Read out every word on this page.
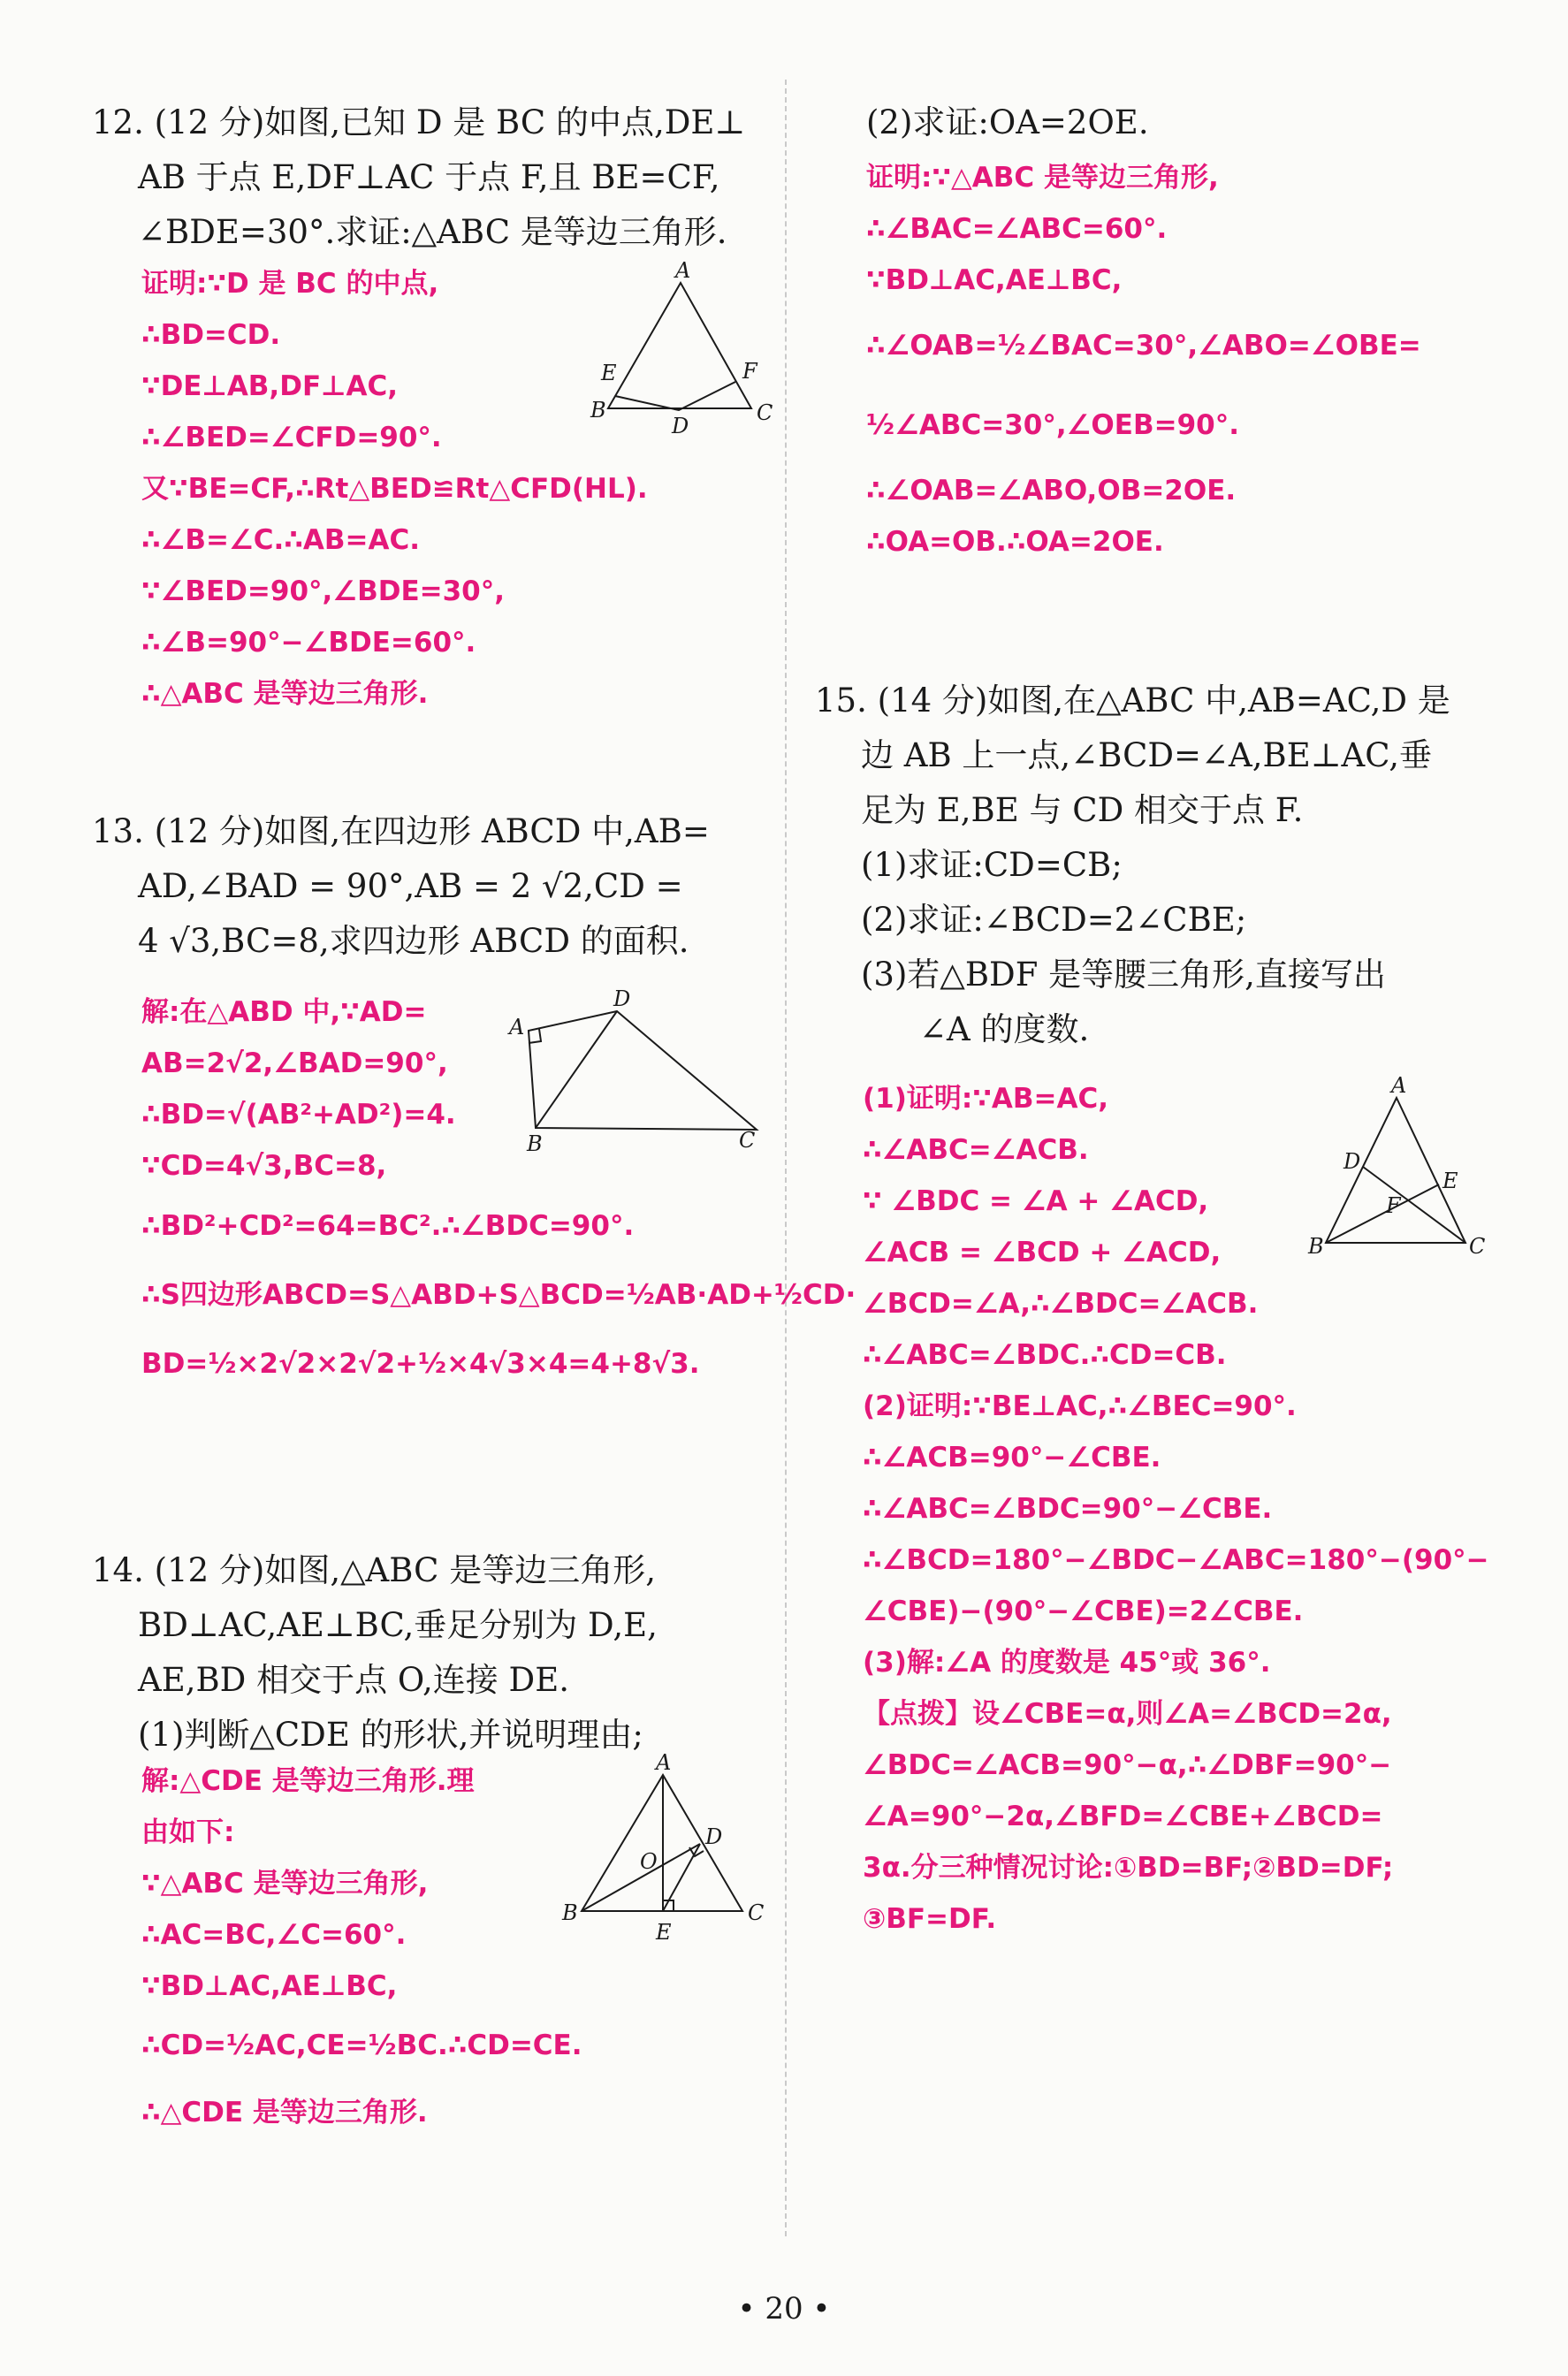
12. (12 分)如图,已知 D 是 BC 的中点,DE⊥
AB 于点 E,DF⊥AC 于点 F,且 BE=CF,
∠BDE=30°.求证:△ABC 是等边三角形.
证明:∵D 是 BC 的中点,
∴BD=CD.
∵DE⊥AB,DF⊥AC,
∴∠BED=∠CFD=90°.
又∵BE=CF,∴Rt△BED≌Rt△CFD(HL).
∴∠B=∠C.∴AB=AC.
∵∠BED=90°,∠BDE=30°,
∴∠B=90°−∠BDE=60°.
∴△ABC 是等边三角形.
A
B	C
D
E	F
13. (12 分)如图,在四边形 ABCD 中,AB=
AD,∠BAD = 90°,AB = 2 √2,CD =
4 √3,BC=8,求四边形 ABCD 的面积.
解:在△ABD 中,∵AD=
AB=2√2,∠BAD=90°,
∴BD=√(AB²+AD²)=4.
∵CD=4√3,BC=8,
∴BD²+CD²=64=BC².∴∠BDC=90°.
∴S四边形ABCD=S△ABD+S△BCD=½AB·AD+½CD·
BD=½×2√2×2√2+½×4√3×4=4+8√3.
A
D
B	C
14. (12 分)如图,△ABC 是等边三角形,
BD⊥AC,AE⊥BC,垂足分别为 D,E,
AE,BD 相交于点 O,连接 DE.
(1)判断△CDE 的形状,并说明理由;
解:△CDE 是等边三角形.理
由如下:
∵△ABC 是等边三角形,
∴AC=BC,∠C=60°.
∵BD⊥AC,AE⊥BC,
∴CD=½AC,CE=½BC.∴CD=CE.
∴△CDE 是等边三角形.
A
B	C
D
E
O
(2)求证:OA=2OE.
证明:∵△ABC 是等边三角形,
∴∠BAC=∠ABC=60°.
∵BD⊥AC,AE⊥BC,
∴∠OAB=½∠BAC=30°,∠ABO=∠OBE=
½∠ABC=30°,∠OEB=90°.
∴∠OAB=∠ABO,OB=2OE.
∴OA=OB.∴OA=2OE.
15. (14 分)如图,在△ABC 中,AB=AC,D 是
边 AB 上一点,∠BCD=∠A,BE⊥AC,垂
足为 E,BE 与 CD 相交于点 F.
(1)求证:CD=CB;
(2)求证:∠BCD=2∠CBE;
(3)若△BDF 是等腰三角形,直接写出
∠A 的度数.
(1)证明:∵AB=AC,
∴∠ABC=∠ACB.
∵ ∠BDC = ∠A + ∠ACD,
∠ACB = ∠BCD + ∠ACD,
∠BCD=∠A,∴∠BDC=∠ACB.
∴∠ABC=∠BDC.∴CD=CB.
(2)证明:∵BE⊥AC,∴∠BEC=90°.
∴∠ACB=90°−∠CBE.
∴∠ABC=∠BDC=90°−∠CBE.
∴∠BCD=180°−∠BDC−∠ABC=180°−(90°−
∠CBE)−(90°−∠CBE)=2∠CBE.
(3)解:∠A 的度数是 45°或 36°.
【点拨】设∠CBE=α,则∠A=∠BCD=2α,
∠BDC=∠ACB=90°−α,∴∠DBF=90°−
∠A=90°−2α,∠BFD=∠CBE+∠BCD=
3α.分三种情况讨论:①BD=BF;②BD=DF;
③BF=DF.
A
B	C
D
E
F
• 20 •
